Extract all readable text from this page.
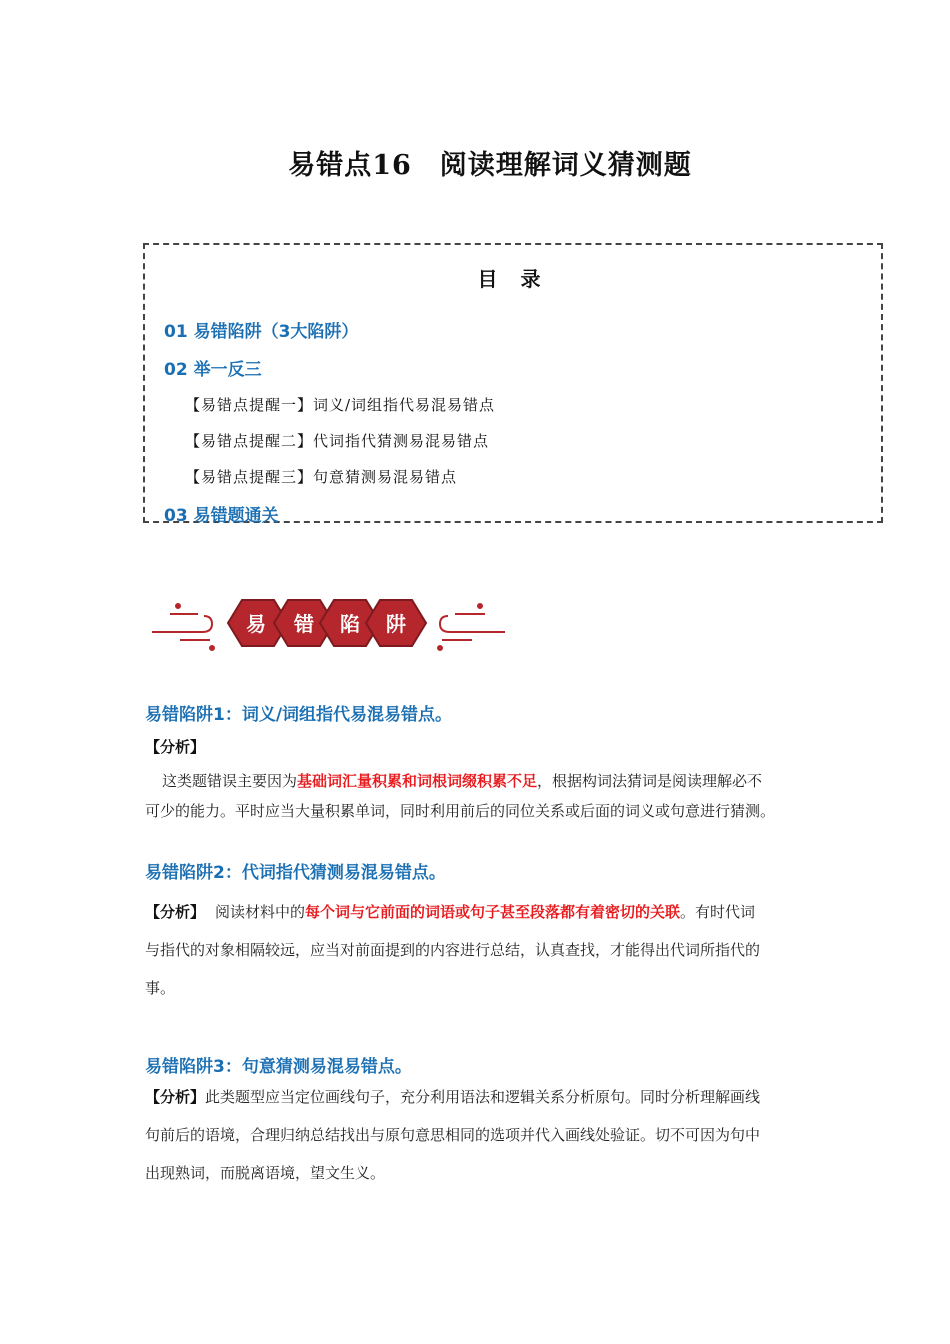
易错点16　阅读理解词义猜测题
目 录
01 易错陷阱（3大陷阱）
02 举一反三
【易错点提醒一】词义/词组指代易混易错点
【易错点提醒二】代词指代猜测易混易错点
【易错点提醒三】句意猜测易混易错点
03 易错题通关
易 错 陷 阱
易错陷阱1：词义/词组指代易混易错点。
【分析】
这类题错误主要因为基础词汇量积累和词根词缀积累不足，根据构词法猜词是阅读理解必不
可少的能力。平时应当大量积累单词，同时利用前后的同位关系或后面的词义或句意进行猜测。
易错陷阱2：代词指代猜测易混易错点。
【分析】 阅读材料中的每个词与它前面的词语或句子甚至段落都有着密切的关联。有时代词
与指代的对象相隔较远，应当对前面提到的内容进行总结，认真查找，才能得出代词所指代的
事。
易错陷阱3：句意猜测易混易错点。
【分析】此类题型应当定位画线句子，充分利用语法和逻辑关系分析原句。同时分析理解画线
句前后的语境，合理归纳总结找出与原句意思相同的选项并代入画线处验证。切不可因为句中
出现熟词，而脱离语境，望文生义。
